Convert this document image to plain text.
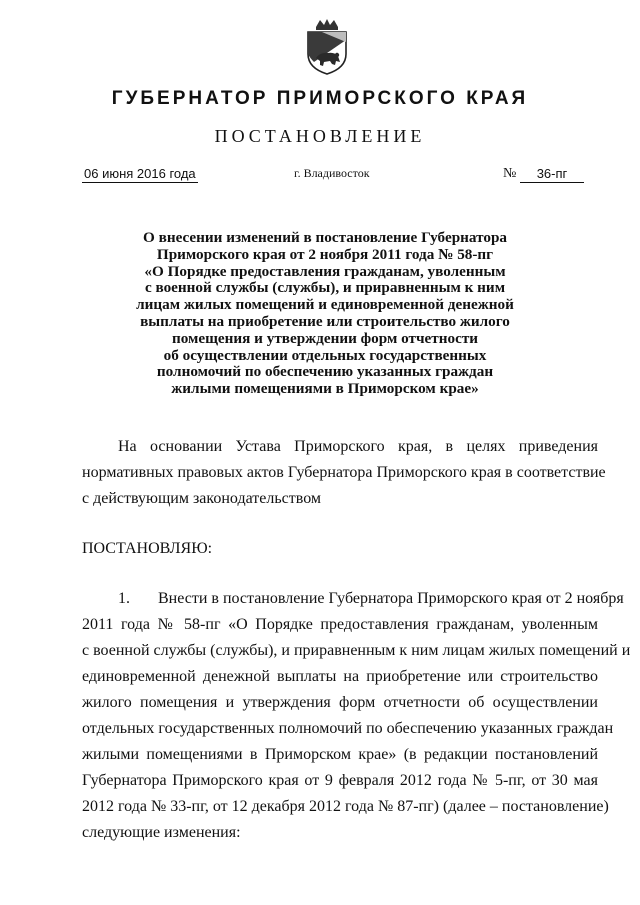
ГУБЕРНАТОР ПРИМОРСКОГО КРАЯ
ПОСТАНОВЛЕНИЕ
06 июня 2016 года	г. Владивосток	№	36-пг
О внесении изменений в постановление Губернатора
Приморского края от 2 ноября 2011 года № 58-пг
«О Порядке предоставления гражданам, уволенным
с военной службы (службы), и приравненным к ним
лицам жилых помещений и единовременной денежной
выплаты на приобретение или строительство жилого
помещения и утверждении форм отчетности
об осуществлении отдельных государственных
полномочий по обеспечению указанных граждан
жилыми помещениями в Приморском крае»
На основании Устава Приморского края, в целях приведения
нормативных правовых актов Губернатора Приморского края в соответствие
с действующим законодательством
ПОСТАНОВЛЯЮ:
1.	Внести в постановление Губернатора Приморского края от 2 ноября
2011 года № 58-пг «О Порядке предоставления гражданам, уволенным
с военной службы (службы), и приравненным к ним лицам жилых помещений и
единовременной денежной выплаты на приобретение или строительство
жилого помещения и утверждения форм отчетности об осуществлении
отдельных государственных полномочий по обеспечению указанных граждан
жилыми помещениями в Приморском крае» (в редакции постановлений
Губернатора Приморского края от 9 февраля 2012 года № 5-пг, от 30 мая
2012 года № 33-пг, от 12 декабря 2012 года № 87-пг) (далее – постановление)
следующие изменения:
